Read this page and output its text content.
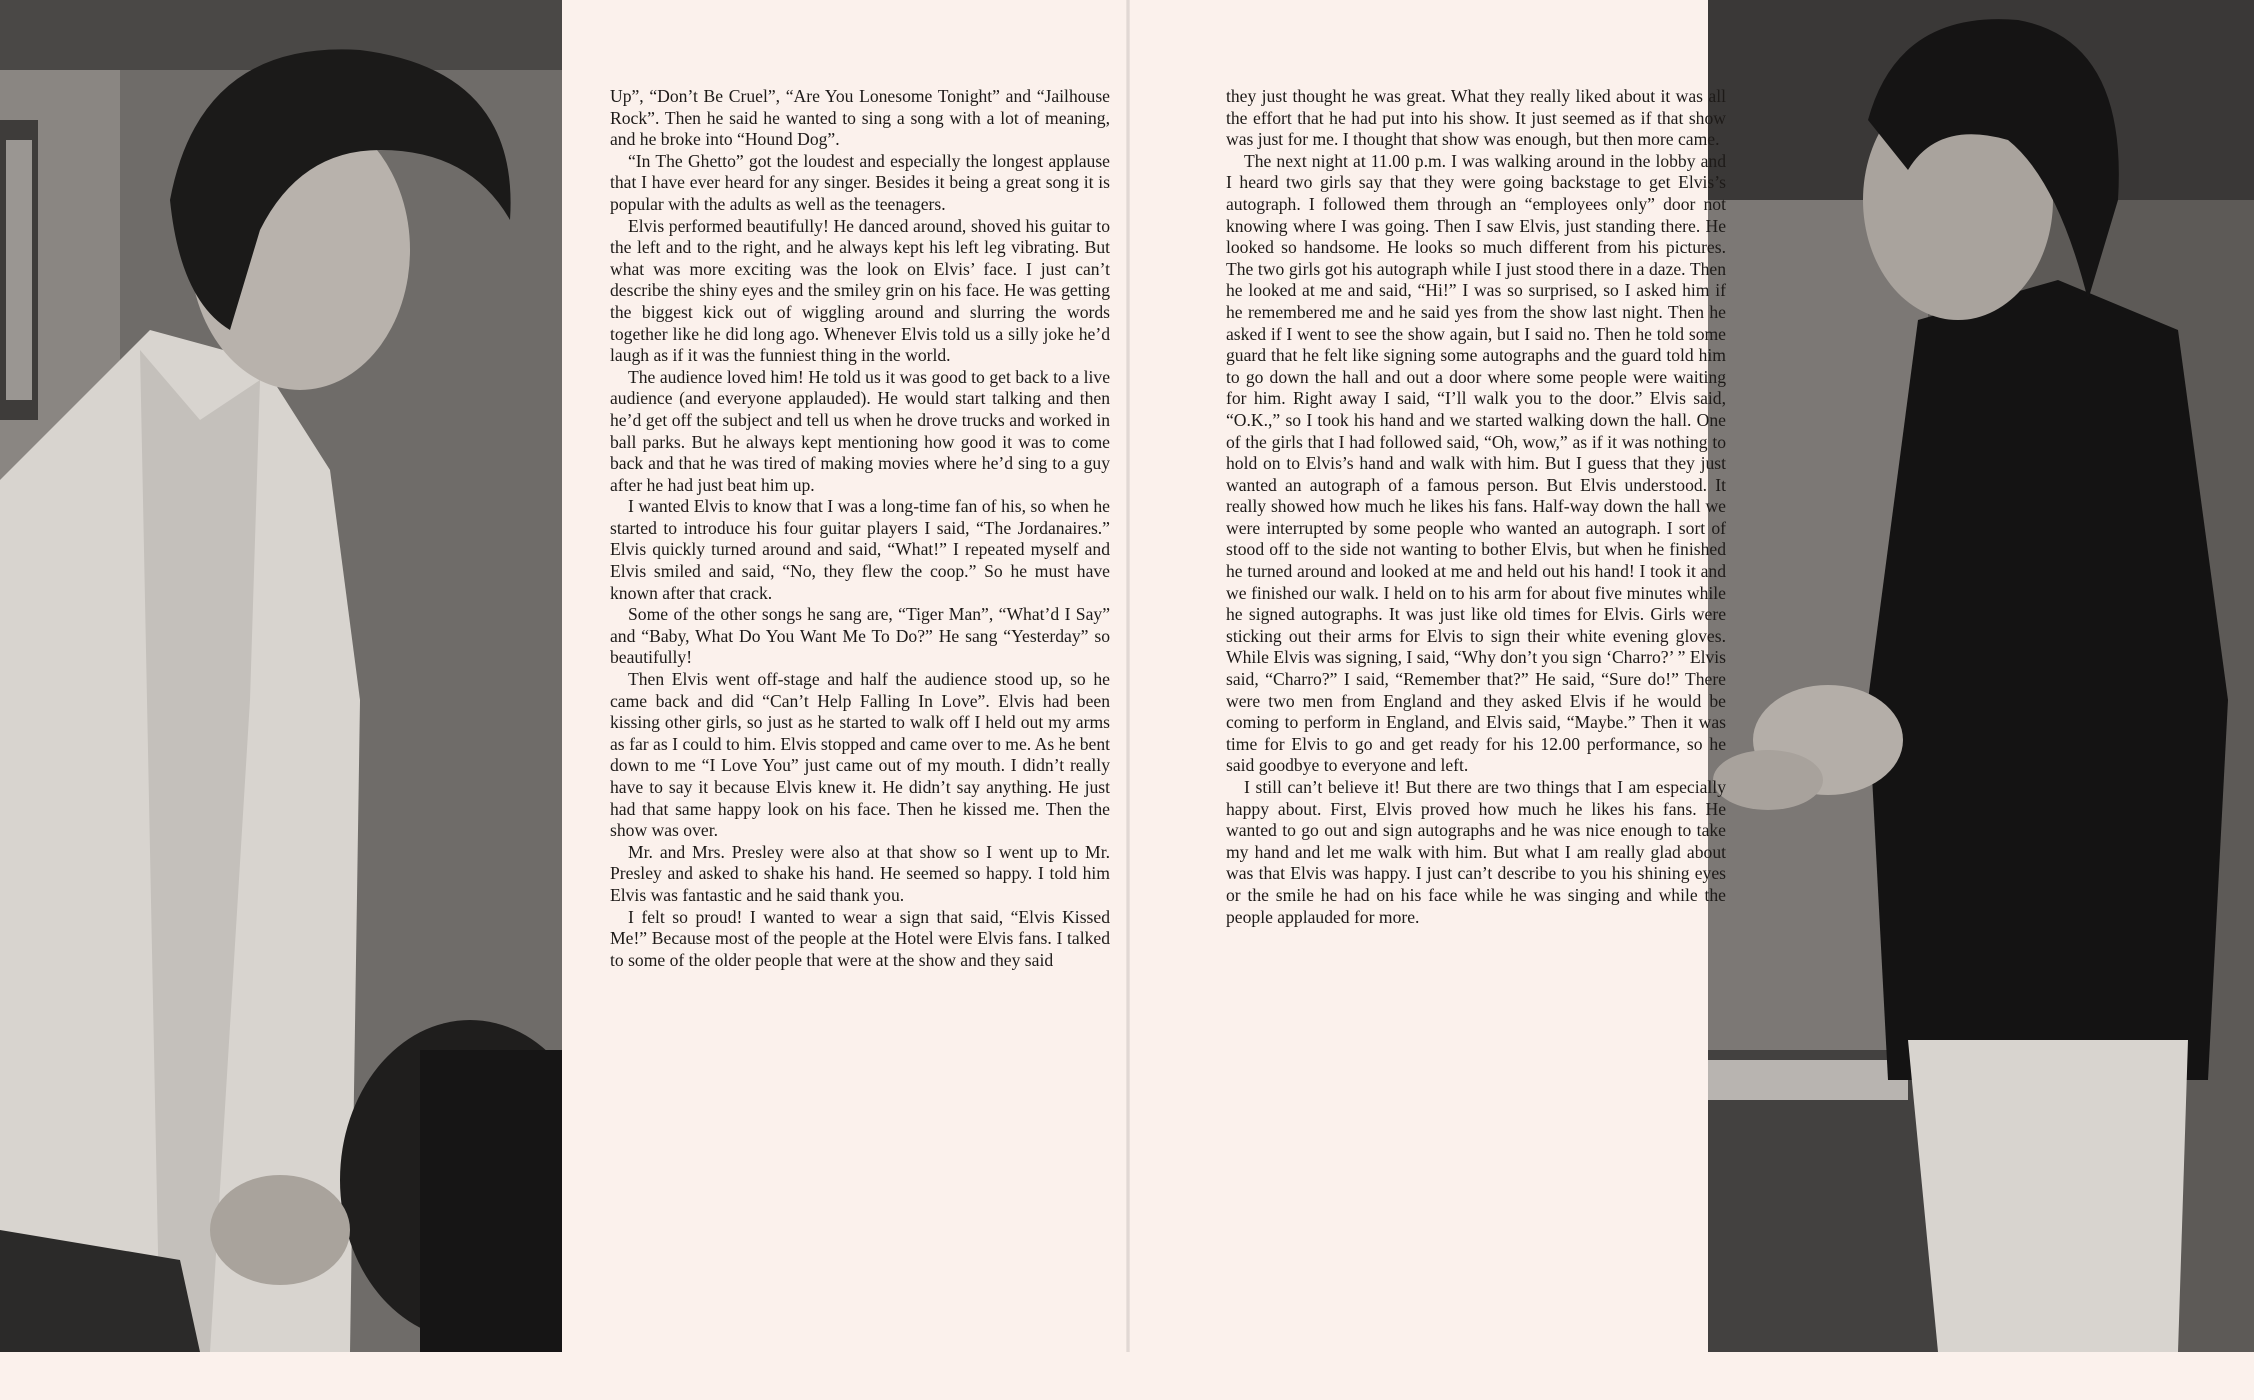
Up”, “Don’t Be Cruel”, “Are You Lonesome Tonight” and “Jailhouse Rock”. Then he said he wanted to sing a song with a lot of meaning, and he broke into “Hound Dog”.

“In The Ghetto” got the loudest and especially the longest applause that I have ever heard for any singer. Besides it being a great song it is popular with the adults as well as the teenagers.

Elvis performed beautifully! He danced around, shoved his guitar to the left and to the right, and he always kept his left leg vibrating. But what was more exciting was the look on Elvis’ face. I just can’t describe the shiny eyes and the smiley grin on his face. He was getting the biggest kick out of wiggling around and slurring the words together like he did long ago. Whenever Elvis told us a silly joke he’d laugh as if it was the funniest thing in the world.

The audience loved him! He told us it was good to get back to a live audience (and everyone applauded). He would start talking and then he’d get off the subject and tell us when he drove trucks and worked in ball parks. But he always kept mentioning how good it was to come back and that he was tired of making movies where he’d sing to a guy after he had just beat him up.

I wanted Elvis to know that I was a long-time fan of his, so when he started to introduce his four guitar players I said, “The Jordanaires.” Elvis quickly turned around and said, “What!” I repeated myself and Elvis smiled and said, “No, they flew the coop.” So he must have known after that crack.

Some of the other songs he sang are, “Tiger Man”, “What’d I Say” and “Baby, What Do You Want Me To Do?” He sang “Yesterday” so beautifully!

Then Elvis went off-stage and half the audience stood up, so he came back and did “Can’t Help Falling In Love”. Elvis had been kissing other girls, so just as he started to walk off I held out my arms as far as I could to him. Elvis stopped and came over to me. As he bent down to me “I Love You” just came out of my mouth. I didn’t really have to say it because Elvis knew it. He didn’t say anything. He just had that same happy look on his face. Then he kissed me. Then the show was over.

Mr. and Mrs. Presley were also at that show so I went up to Mr. Presley and asked to shake his hand. He seemed so happy. I told him Elvis was fantastic and he said thank you.

I felt so proud! I wanted to wear a sign that said, “Elvis Kissed Me!” Because most of the people at the Hotel were Elvis fans. I talked to some of the older people that were at the show and they said

they just thought he was great. What they really liked about it was all the effort that he had put into his show. It just seemed as if that show was just for me. I thought that show was enough, but then more came.

The next night at 11.00 p.m. I was walking around in the lobby and I heard two girls say that they were going backstage to get Elvis’s autograph. I followed them through an “employees only” door not knowing where I was going. Then I saw Elvis, just standing there. He looked so handsome. He looks so much different from his pictures. The two girls got his autograph while I just stood there in a daze. Then he looked at me and said, “Hi!” I was so surprised, so I asked him if he remembered me and he said yes from the show last night. Then he asked if I went to see the show again, but I said no. Then he told some guard that he felt like signing some autographs and the guard told him to go down the hall and out a door where some people were waiting for him. Right away I said, “I’ll walk you to the door.” Elvis said, “O.K.,” so I took his hand and we started walking down the hall. One of the girls that I had followed said, “Oh, wow,” as if it was nothing to hold on to Elvis’s hand and walk with him. But I guess that they just wanted an autograph of a famous person. But Elvis understood. It really showed how much he likes his fans. Half-way down the hall we were interrupted by some people who wanted an autograph. I sort of stood off to the side not wanting to bother Elvis, but when he finished he turned around and looked at me and held out his hand! I took it and we finished our walk. I held on to his arm for about five minutes while he signed autographs. It was just like old times for Elvis. Girls were sticking out their arms for Elvis to sign their white evening gloves. While Elvis was signing, I said, “Why don’t you sign ‘Charro?’ ” Elvis said, “Charro?” I said, “Remember that?” He said, “Sure do!” There were two men from England and they asked Elvis if he would be coming to perform in England, and Elvis said, “Maybe.” Then it was time for Elvis to go and get ready for his 12.00 performance, so he said goodbye to everyone and left.

I still can’t believe it! But there are two things that I am especially happy about. First, Elvis proved how much he likes his fans. He wanted to go out and sign autographs and he was nice enough to take my hand and let me walk with him. But what I am really glad about was that Elvis was happy. I just can’t describe to you his shining eyes or the smile he had on his face while he was singing and while the people applauded for more.
